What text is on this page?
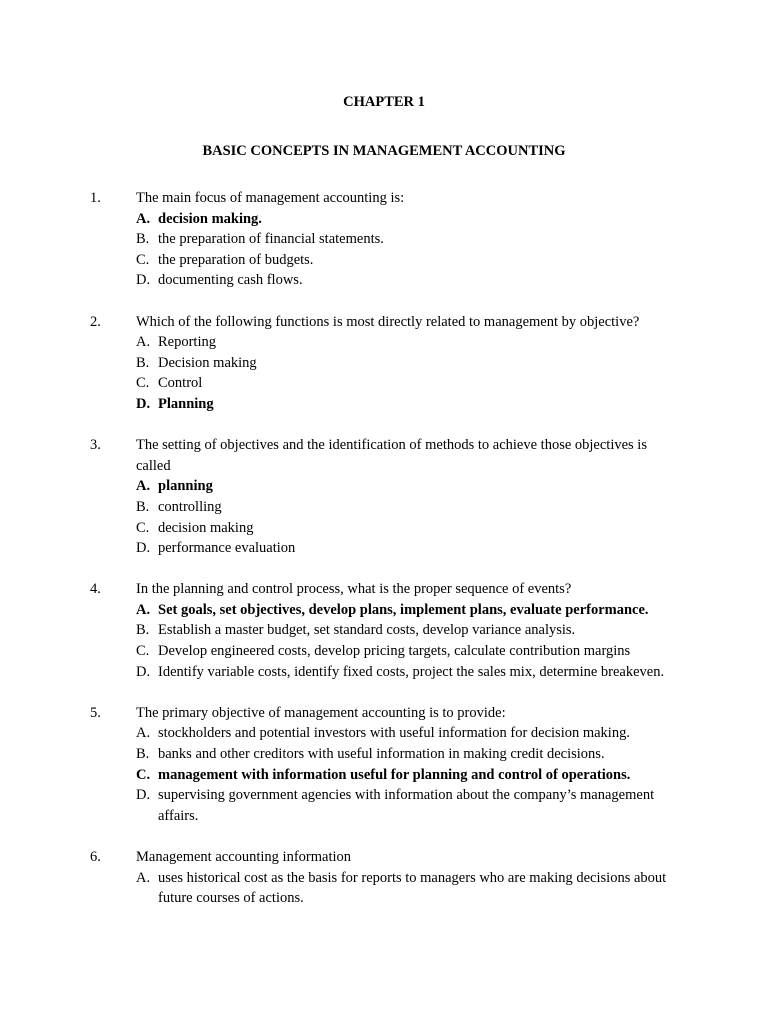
CHAPTER 1
BASIC CONCEPTS IN MANAGEMENT ACCOUNTING
1. The main focus of management accounting is:
A. decision making.
B. the preparation of financial statements.
C. the preparation of budgets.
D. documenting cash flows.
2. Which of the following functions is most directly related to management by objective?
A. Reporting
B. Decision making
C. Control
D. Planning
3. The setting of objectives and the identification of methods to achieve those objectives is called
A. planning
B. controlling
C. decision making
D. performance evaluation
4. In the planning and control process, what is the proper sequence of events?
A. Set goals, set objectives, develop plans, implement plans, evaluate performance.
B. Establish a master budget, set standard costs, develop variance analysis.
C. Develop engineered costs, develop pricing targets, calculate contribution margins
D. Identify variable costs, identify fixed costs, project the sales mix, determine breakeven.
5. The primary objective of management accounting is to provide:
A. stockholders and potential investors with useful information for decision making.
B. banks and other creditors with useful information in making credit decisions.
C. management with information useful for planning and control of operations.
D. supervising government agencies with information about the company’s management affairs.
6. Management accounting information
A. uses historical cost as the basis for reports to managers who are making decisions about future courses of actions.
